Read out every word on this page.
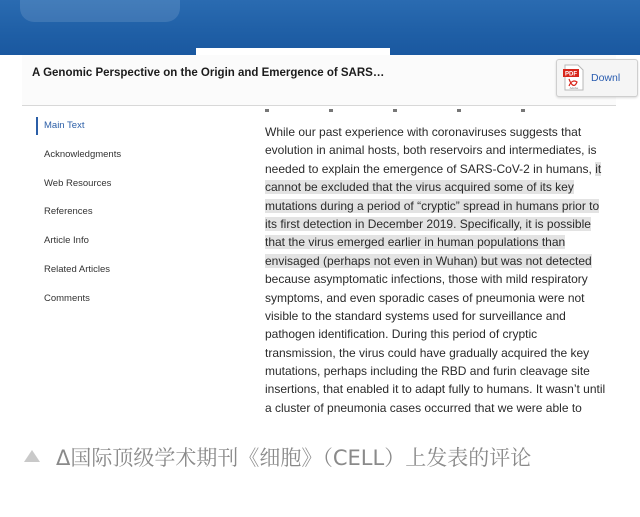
A Genomic Perspective on the Origin and Emergence of SARS…	PDF
Adobe
Downl
Main Text
Acknowledgments
Web Resources
References
Article Info
Related Articles
Comments
While our past experience with coronaviruses suggests that
evolution in animal hosts, both reservoirs and intermediates, is
needed to explain the emergence of SARS-CoV-2 in humans, it
cannot be excluded that the virus acquired some of its key
mutations during a period of “cryptic” spread in humans prior to
its first detection in December 2019. Specifically, it is possible
that the virus emerged earlier in human populations than
envisaged (perhaps not even in Wuhan) but was not detected
because asymptomatic infections, those with mild respiratory
symptoms, and even sporadic cases of pneumonia were not
visible to the standard systems used for surveillance and
pathogen identification. During this period of cryptic
transmission, the virus could have gradually acquired the key
mutations, perhaps including the RBD and furin cleavage site
insertions, that enabled it to adapt fully to humans. It wasn’t until
a cluster of pneumonia cases occurred that we were able to
Δ国际顶级学术期刊《细胞》（CELL）上发表的评论
